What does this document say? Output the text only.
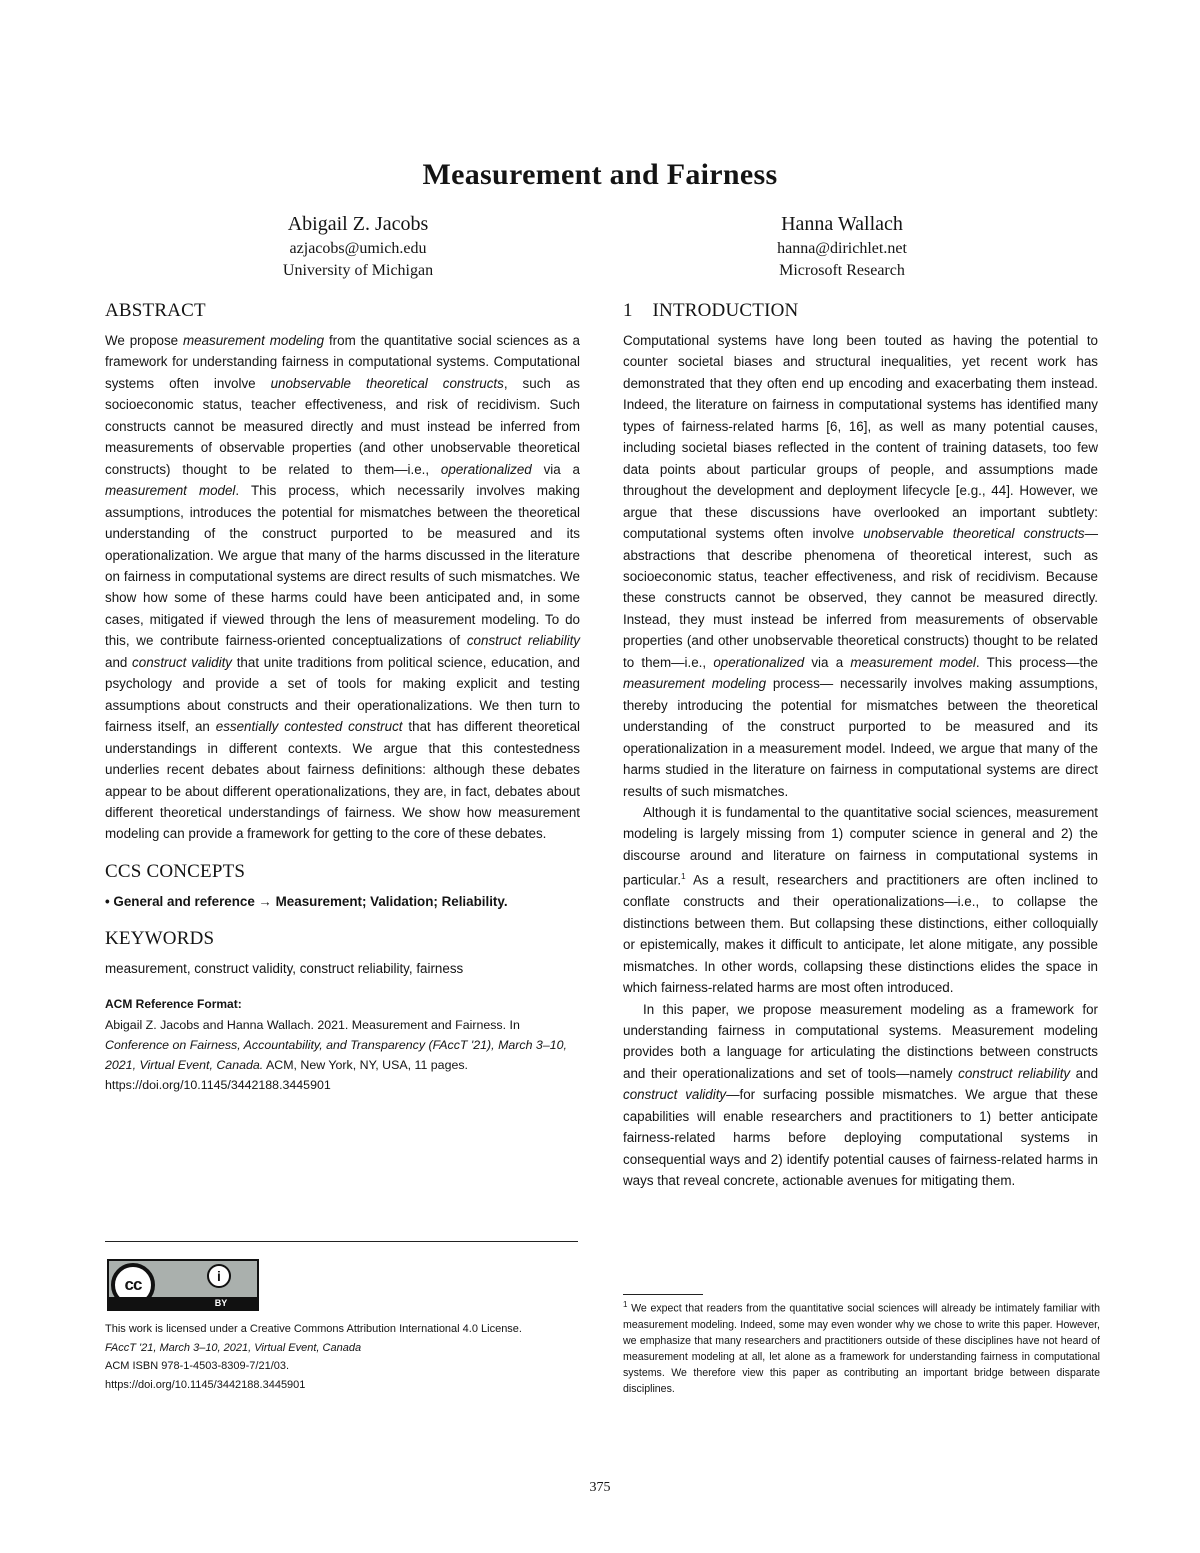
Measurement and Fairness
Abigail Z. Jacobs
azjacobs@umich.edu
University of Michigan
Hanna Wallach
hanna@dirichlet.net
Microsoft Research
ABSTRACT

We propose measurement modeling from the quantitative social sciences as a framework for understanding fairness in computational systems. Computational systems often involve unobservable theoretical constructs, such as socioeconomic status, teacher effectiveness, and risk of recidivism. Such constructs cannot be measured directly and must instead be inferred from measurements of observable properties (and other unobservable theoretical constructs) thought to be related to them—i.e., operationalized via a measurement model. This process, which necessarily involves making assumptions, introduces the potential for mismatches between the theoretical understanding of the construct purported to be measured and its operationalization. We argue that many of the harms discussed in the literature on fairness in computational systems are direct results of such mismatches. We show how some of these harms could have been anticipated and, in some cases, mitigated if viewed through the lens of measurement modeling. To do this, we contribute fairness-oriented conceptualizations of construct reliability and construct validity that unite traditions from political science, education, and psychology and provide a set of tools for making explicit and testing assumptions about constructs and their operationalizations. We then turn to fairness itself, an essentially contested construct that has different theoretical understandings in different contexts. We argue that this contestedness underlies recent debates about fairness definitions: although these debates appear to be about different operationalizations, they are, in fact, debates about different theoretical understandings of fairness. We show how measurement modeling can provide a framework for getting to the core of these debates.

CCS CONCEPTS

• General and reference → Measurement; Validation; Reliability.

KEYWORDS

measurement, construct validity, construct reliability, fairness

ACM Reference Format:

Abigail Z. Jacobs and Hanna Wallach. 2021. Measurement and Fairness. In Conference on Fairness, Accountability, and Transparency (FAccT '21), March 3–10, 2021, Virtual Event, Canada. ACM, New York, NY, USA, 11 pages. https://doi.org/10.1145/3442188.3445901

cc	i
BY
This work is licensed under a Creative Commons Attribution International 4.0 License.
FAccT '21, March 3–10, 2021, Virtual Event, Canada
ACM ISBN 978-1-4503-8309-7/21/03.
https://doi.org/10.1145/3442188.3445901
1    INTRODUCTION

Computational systems have long been touted as having the potential to counter societal biases and structural inequalities, yet recent work has demonstrated that they often end up encoding and exacerbating them instead. Indeed, the literature on fairness in computational systems has identified many types of fairness-related harms [6, 16], as well as many potential causes, including societal biases reflected in the content of training datasets, too few data points about particular groups of people, and assumptions made throughout the development and deployment lifecycle [e.g., 44]. However, we argue that these discussions have overlooked an important subtlety: computational systems often involve unobservable theoretical constructs—abstractions that describe phenomena of theoretical interest, such as socioeconomic status, teacher effectiveness, and risk of recidivism. Because these constructs cannot be observed, they cannot be measured directly. Instead, they must instead be inferred from measurements of observable properties (and other unobservable theoretical constructs) thought to be related to them—i.e., operationalized via a measurement model. This process—the measurement modeling process— necessarily involves making assumptions, thereby introducing the potential for mismatches between the theoretical understanding of the construct purported to be measured and its operationalization in a measurement model. Indeed, we argue that many of the harms studied in the literature on fairness in computational systems are direct results of such mismatches.

Although it is fundamental to the quantitative social sciences, measurement modeling is largely missing from 1) computer science in general and 2) the discourse around and literature on fairness in computational systems in particular.$^1$ As a result, researchers and practitioners are often inclined to conflate constructs and their operationalizations—i.e., to collapse the distinctions between them. But collapsing these distinctions, either colloquially or epistemically, makes it difficult to anticipate, let alone mitigate, any possible mismatches. In other words, collapsing these distinctions elides the space in which fairness-related harms are most often introduced.

In this paper, we propose measurement modeling as a framework for understanding fairness in computational systems. Measurement modeling provides both a language for articulating the distinctions between constructs and their operationalizations and set of tools—namely construct reliability and construct validity—for surfacing possible mismatches. We argue that these capabilities will enable researchers and practitioners to 1) better anticipate fairness-related harms before deploying computational systems in consequential ways and 2) identify potential causes of fairness-related harms in ways that reveal concrete, actionable avenues for mitigating them.

$^1$ We expect that readers from the quantitative social sciences will already be intimately familiar with measurement modeling. Indeed, some may even wonder why we chose to write this paper. However, we emphasize that many researchers and practitioners outside of these disciplines have not heard of measurement modeling at all, let alone as a framework for understanding fairness in computational systems. We therefore view this paper as contributing an important bridge between disparate disciplines.
375
